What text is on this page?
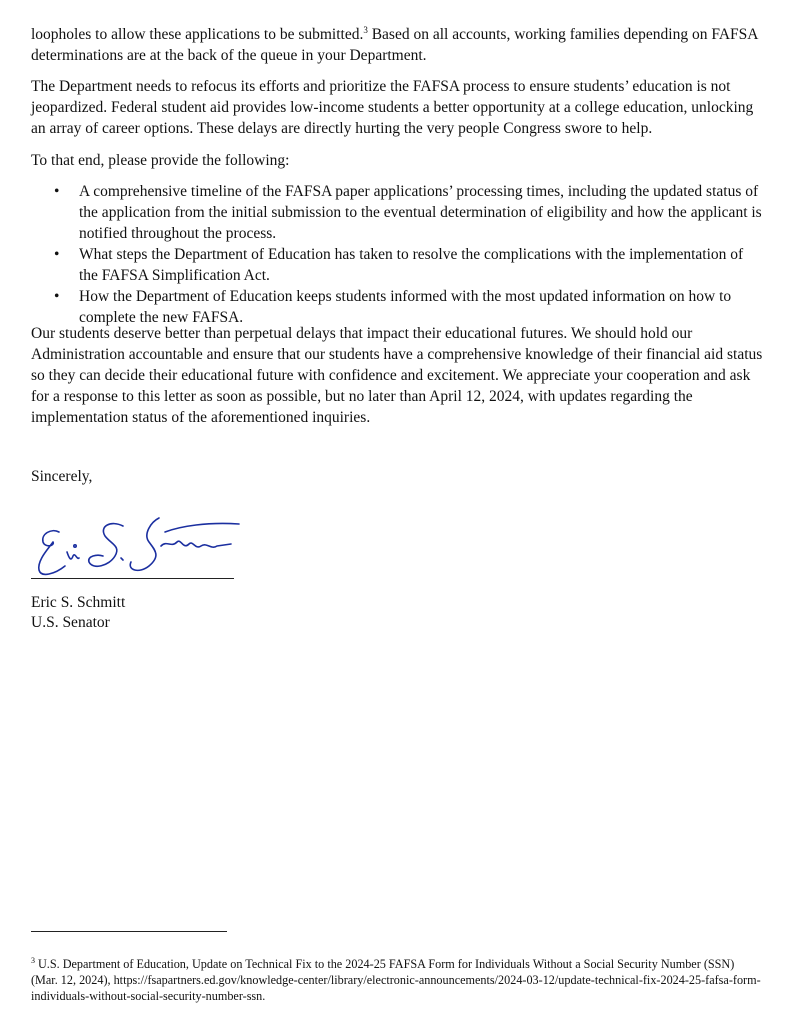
loopholes to allow these applications to be submitted.$^3$ Based on all accounts, working families depending on FAFSA determinations are at the back of the queue in your Department.

The Department needs to refocus its efforts and prioritize the FAFSA process to ensure students’ education is not jeopardized. Federal student aid provides low-income students a better opportunity at a college education, unlocking an array of career options. These delays are directly hurting the very people Congress swore to help.

To that end, please provide the following:

• A comprehensive timeline of the FAFSA paper applications’ processing times, including the updated status of the application from the initial submission to the eventual determination of eligibility and how the applicant is notified throughout the process.
• What steps the Department of Education has taken to resolve the complications with the implementation of the FAFSA Simplification Act.
• How the Department of Education keeps students informed with the most updated information on how to complete the new FAFSA.

Our students deserve better than perpetual delays that impact their educational futures. We should hold our Administration accountable and ensure that our students have a comprehensive knowledge of their financial aid status so they can decide their educational future with confidence and excitement. We appreciate your cooperation and ask for a response to this letter as soon as possible, but no later than April 12, 2024, with updates regarding the implementation status of the aforementioned inquiries.

Sincerely,

Eric S. Schmitt

U.S. Senator

$^3$ U.S. Department of Education, Update on Technical Fix to the 2024-25 FAFSA Form for Individuals Without a Social Security Number (SSN) (Mar. 12, 2024), https://fsapartners.ed.gov/knowledge-center/library/electronic-announcements/2024-03-12/update-technical-fix-2024-25-fafsa-form-individuals-without-social-security-number-ssn.
